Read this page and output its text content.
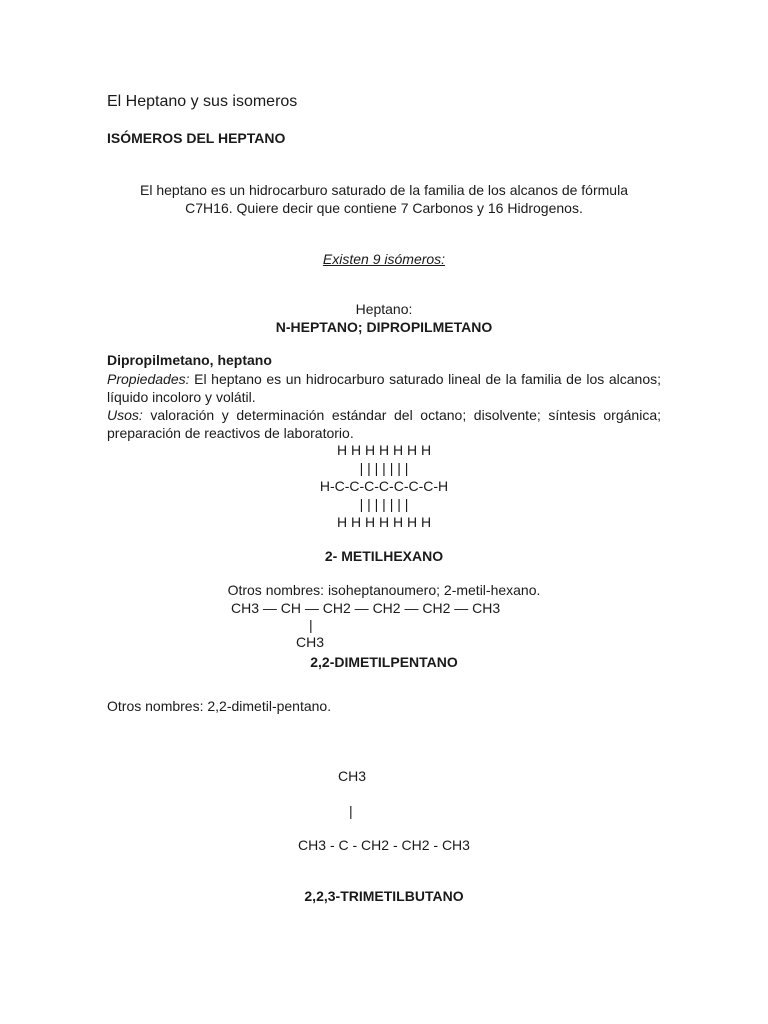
El Heptano y sus isomeros
ISÓMEROS DEL HEPTANO
El heptano es un hidrocarburo saturado de la familia de los alcanos de fórmula
C7H16. Quiere decir que contiene 7 Carbonos y 16 Hidrogenos.
Existen 9 isómeros:
Heptano:
N-HEPTANO; DIPROPILMETANO
Dipropilmetano, heptano
Propiedades: El heptano es un hidrocarburo saturado lineal de la familia de los alcanos; líquido incoloro y volátil.
Usos: valoración y determinación estándar del octano; disolvente; síntesis orgánica; preparación de reactivos de laboratorio.
H H H H H H H
| | | | | | |
H-C-C-C-C-C-C-C-H
| | | | | | |
H H H H H H H
2- METILHEXANO
Otros nombres: isoheptanoumero; 2-metil-hexano.
CH3 — CH — CH2 — CH2 — CH2 — CH3
|
CH3
2,2-DIMETILPENTANO
Otros nombres: 2,2-dimetil-pentano.
CH3
|
CH3 - C - CH2 - CH2 - CH3
2,2,3-TRIMETILBUTANO
